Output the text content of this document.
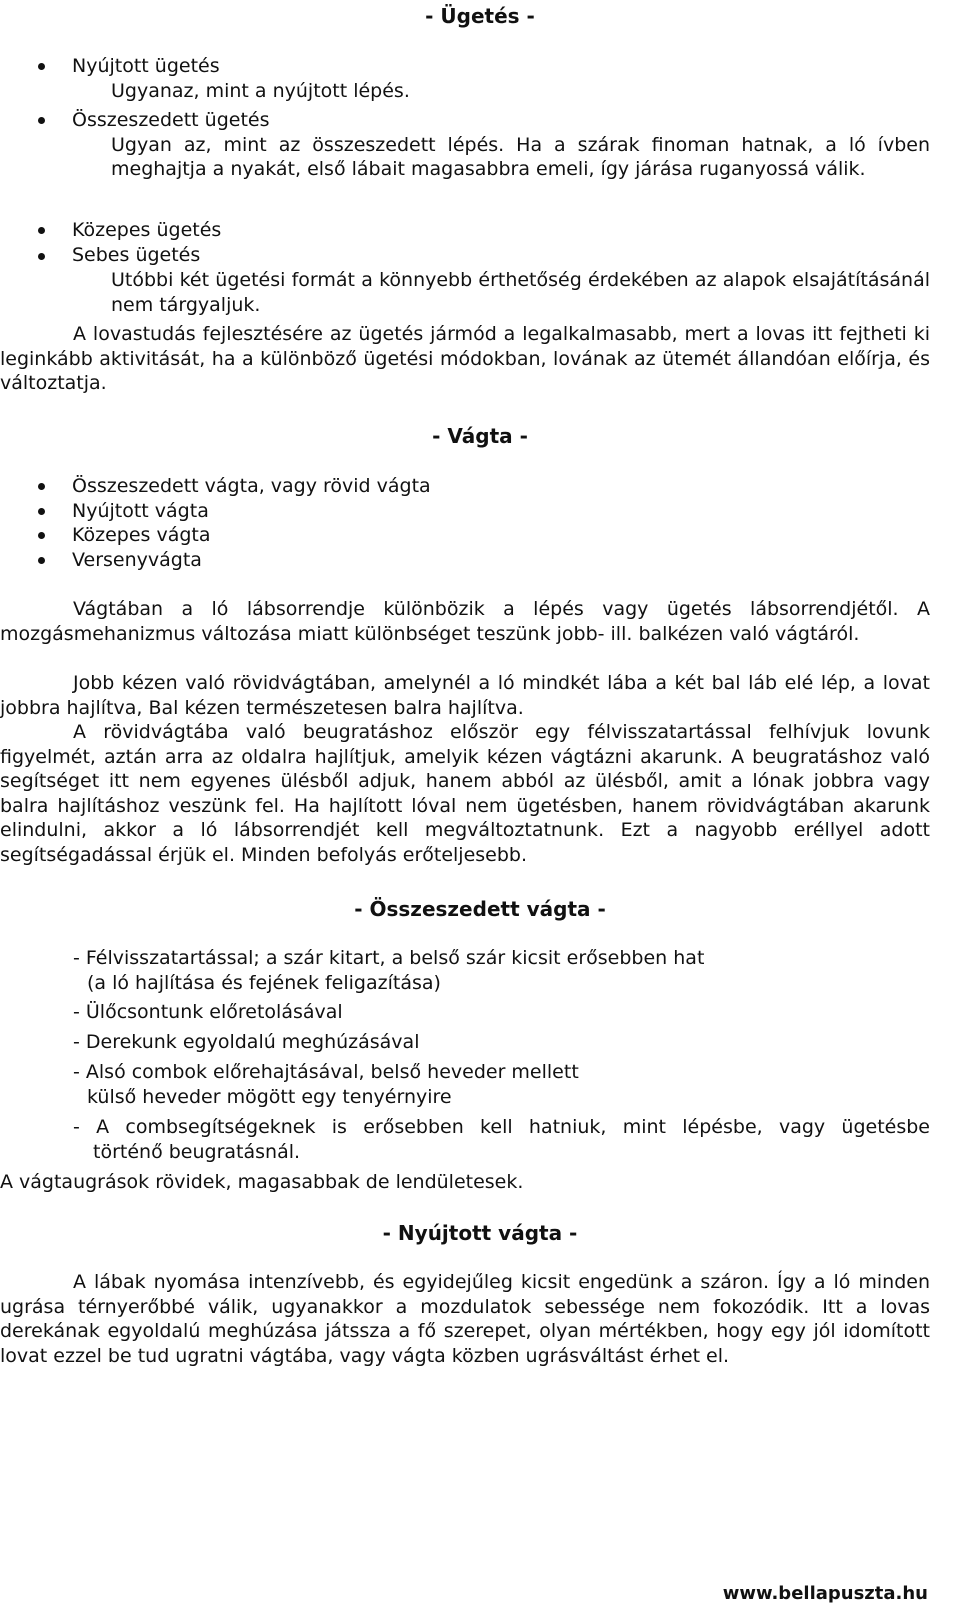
- Ügetés -
Nyújtott ügetés
Ugyanaz, mint a nyújtott lépés.
Összeszedett ügetés
Ugyan az, mint az összeszedett lépés. Ha a szárak finoman hatnak, a ló ívben meghajtja a nyakát, első lábait magasabbra emeli, így járása ruganyossá válik.
Közepes ügetés
Sebes ügetés
Utóbbi két ügetési formát a könnyebb érthetőség érdekében az alapok elsajátításánál nem tárgyaljuk.
A lovastudás fejlesztésére az ügetés jármód a legalkalmasabb, mert a lovas itt fejtheti ki leginkább aktivitását, ha a különböző ügetési módokban, lovának az ütemét állandóan előírja, és változtatja.
- Vágta -
Összeszedett vágta, vagy rövid vágta
Nyújtott vágta
Közepes vágta
Versenyvágta
Vágtában a ló lábsorrendje különbözik a lépés vagy ügetés lábsorrendjétől. A mozgásmehanizmus változása miatt különbséget teszünk jobb- ill. balkézen való vágtáról.
Jobb kézen való rövidvágtában, amelynél a ló mindkét lába a két bal láb elé lép, a lovat jobbra hajlítva, Bal kézen természetesen balra hajlítva.
A rövidvágtába való beugratáshoz először egy félvisszatartással felhívjuk lovunk figyelmét, aztán arra az oldalra hajlítjuk, amelyik kézen vágtázni akarunk. A beugratáshoz való segítséget itt nem egyenes ülésből adjuk, hanem abból az ülésből, amit a lónak jobbra vagy balra hajlításhoz veszünk fel. Ha hajlított lóval nem ügetésben, hanem rövidvágtában akarunk elindulni, akkor a ló lábsorrendjét kell megváltoztatnunk. Ezt a nagyobb eréllyel adott segítségadással érjük el. Minden befolyás erőteljesebb.
- Összeszedett vágta -
- Félvisszatartással; a szár kitart, a belső szár kicsit erősebben hat
(a ló hajlítása és fejének feligazítása)
- Ülőcsontunk előretolásával
- Derekunk egyoldalú meghúzásával
- Alsó combok előrehajtásával, belső heveder mellett
külső heveder mögött egy tenyérnyire
- A combsegítségeknek is erősebben kell hatniuk, mint lépésbe, vagy ügetésbe
történő beugratásnál.
A vágtaugrások rövidek, magasabbak de lendületesek.
- Nyújtott vágta -
A lábak nyomása intenzívebb, és egyidejűleg kicsit engedünk a száron. Így a ló minden ugrása térnyerőbbé válik, ugyanakkor a mozdulatok sebessége nem fokozódik. Itt a lovas derekának egyoldalú meghúzása játssza a fő szerepet, olyan mértékben, hogy egy jól idomított lovat ezzel be tud ugratni vágtába, vagy vágta közben ugrásváltást érhet el.
www.bellapuszta.hu
